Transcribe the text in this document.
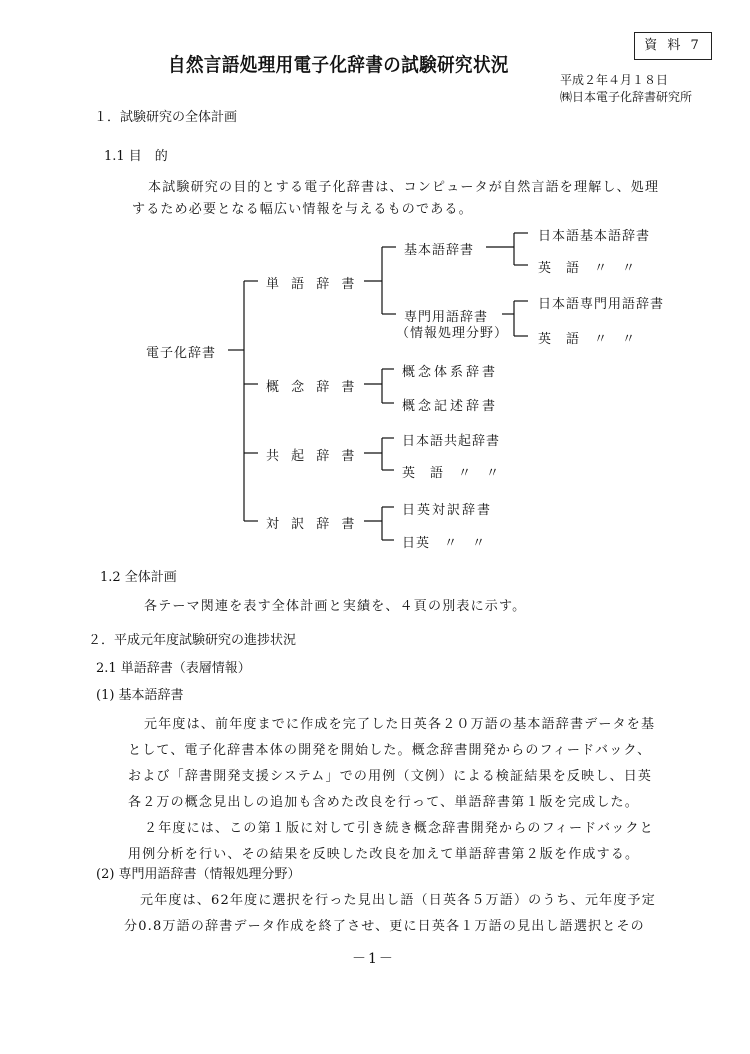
自然言語処理用電子化辞書の試験研究状況
資 料 7
平成２年４月１８日
㈱日本電子化辞書研究所
１．試験研究の全体計画
1.1 目　的
本試験研究の目的とする電子化辞書は、コンピュータが自然言語を理解し、処理
するため必要となる幅広い情報を与えるものである。
電子化辞書
単 語 辞 書
基本語辞書
日本語基本語辞書
英　語　〃　〃
専門用語辞書
（情報処理分野）
日本語専門用語辞書
英　語　〃　〃
概 念 辞 書
概念体系辞書
概念記述辞書
共 起 辞 書
日本語共起辞書
英　語　〃　〃
対 訳 辞 書
日英対訳辞書
日英　〃　〃
1.2 全体計画
各テーマ関連を表す全体計画と実績を、４頁の別表に示す。
２．平成元年度試験研究の進捗状況
2.1 単語辞書（表層情報）
(1) 基本語辞書
元年度は、前年度までに作成を完了した日英各２０万語の基本語辞書データを基
として、電子化辞書本体の開発を開始した。概念辞書開発からのフィードバック、
および「辞書開発支援システム」での用例（文例）による検証結果を反映し、日英
各２万の概念見出しの追加も含めた改良を行って、単語辞書第１版を完成した。
２年度には、この第１版に対して引き続き概念辞書開発からのフィードバックと
用例分析を行い、その結果を反映した改良を加えて単語辞書第２版を作成する。
(2) 専門用語辞書（情報処理分野）
元年度は、62年度に選択を行った見出し語（日英各５万語）のうち、元年度予定
分0.8万語の辞書データ作成を終了させ、更に日英各１万語の見出し語選択とその
－1－
